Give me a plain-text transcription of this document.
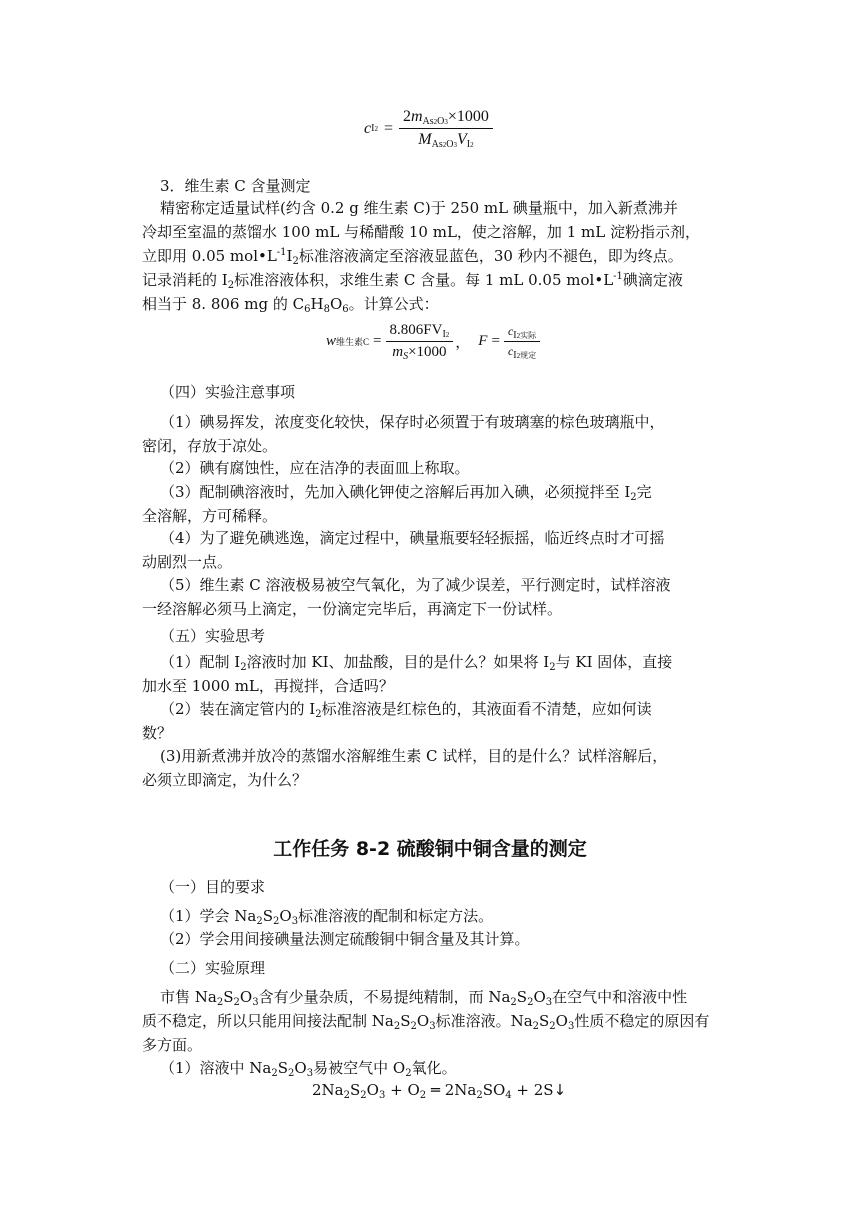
c $I2 = \frac{2m_{As2O3}\times 1000}{M_{As2O3}V_{I2}}$
3．维生素 C 含量测定
精密称定适量试样(约含 0.2 g 维生素 C)于 250 mL 碘量瓶中，加入新煮沸并
冷却至室温的蒸馏水 100 mL 与稀醋酸 10 mL，使之溶解，加 1 mL 淀粉指示剂，
立即用 0.05 $mol•L^{-1}I_2$标准溶液滴定至溶液显蓝色，30 秒内不褪色，即为终点。
记录消耗的 $I_2$标准溶液体积，求维生素 C 含量。每 1 mL 0.05 $mol•L^{-1}$碘滴定液
相当于 8. 806 mg 的 $C_6H_8O_6$。计算公式：
w 维生素$C = \frac{8.806FV_{I2}}{m_S\times 1000}$ ， $F = \frac{c_{I2实际}}{c_{I2规定}}$
（四）实验注意事项
（1）碘易挥发，浓度变化较快，保存时必须置于有玻璃塞的棕色玻璃瓶中，
密闭，存放于凉处。
（2）碘有腐蚀性，应在洁净的表面皿上称取。
（3）配制碘溶液时，先加入碘化钾使之溶解后再加入碘，必须搅拌至 $I_2$完
全溶解，方可稀释。
（4）为了避免碘逃逸，滴定过程中，碘量瓶要轻轻振摇，临近终点时才可摇
动剧烈一点。
（5）维生素 C 溶液极易被空气氧化，为了减少误差，平行测定时，试样溶液
一经溶解必须马上滴定，一份滴定完毕后，再滴定下一份试样。
（五）实验思考
（1）配制 $I_2$溶液时加 KI、加盐酸，目的是什么？如果将 $I_2$与 KI 固体，直接
加水至 1000 mL，再搅拌，合适吗？
（2）装在滴定管内的 $I_2$标准溶液是红棕色的，其液面看不清楚，应如何读
数？
(3)用新煮沸并放冷的蒸馏水溶解维生素 C 试样，目的是什么？试样溶解后，
必须立即滴定，为什么？
工作任务 8-2 硫酸铜中铜含量的测定
（一）目的要求
（1）学会 $Na_2S_2O_3$标准溶液的配制和标定方法。
（2）学会用间接碘量法测定硫酸铜中铜含量及其计算。
（二）实验原理
市售 $Na_2S_2O_3$含有少量杂质，不易提纯精制，而 $Na_2S_2O_3$在空气中和溶液中性
质不稳定，所以只能用间接法配制 $Na_2S_2O_3$标准溶液。$Na_2S_2O_3$性质不稳定的原因有
多方面。
（1）溶液中 $Na_2S_2O_3$易被空气中 $O_2$氧化。
$2Na_2S_2O_3 + O_2$ ═ $2Na_2SO_4$ + 2S↓
